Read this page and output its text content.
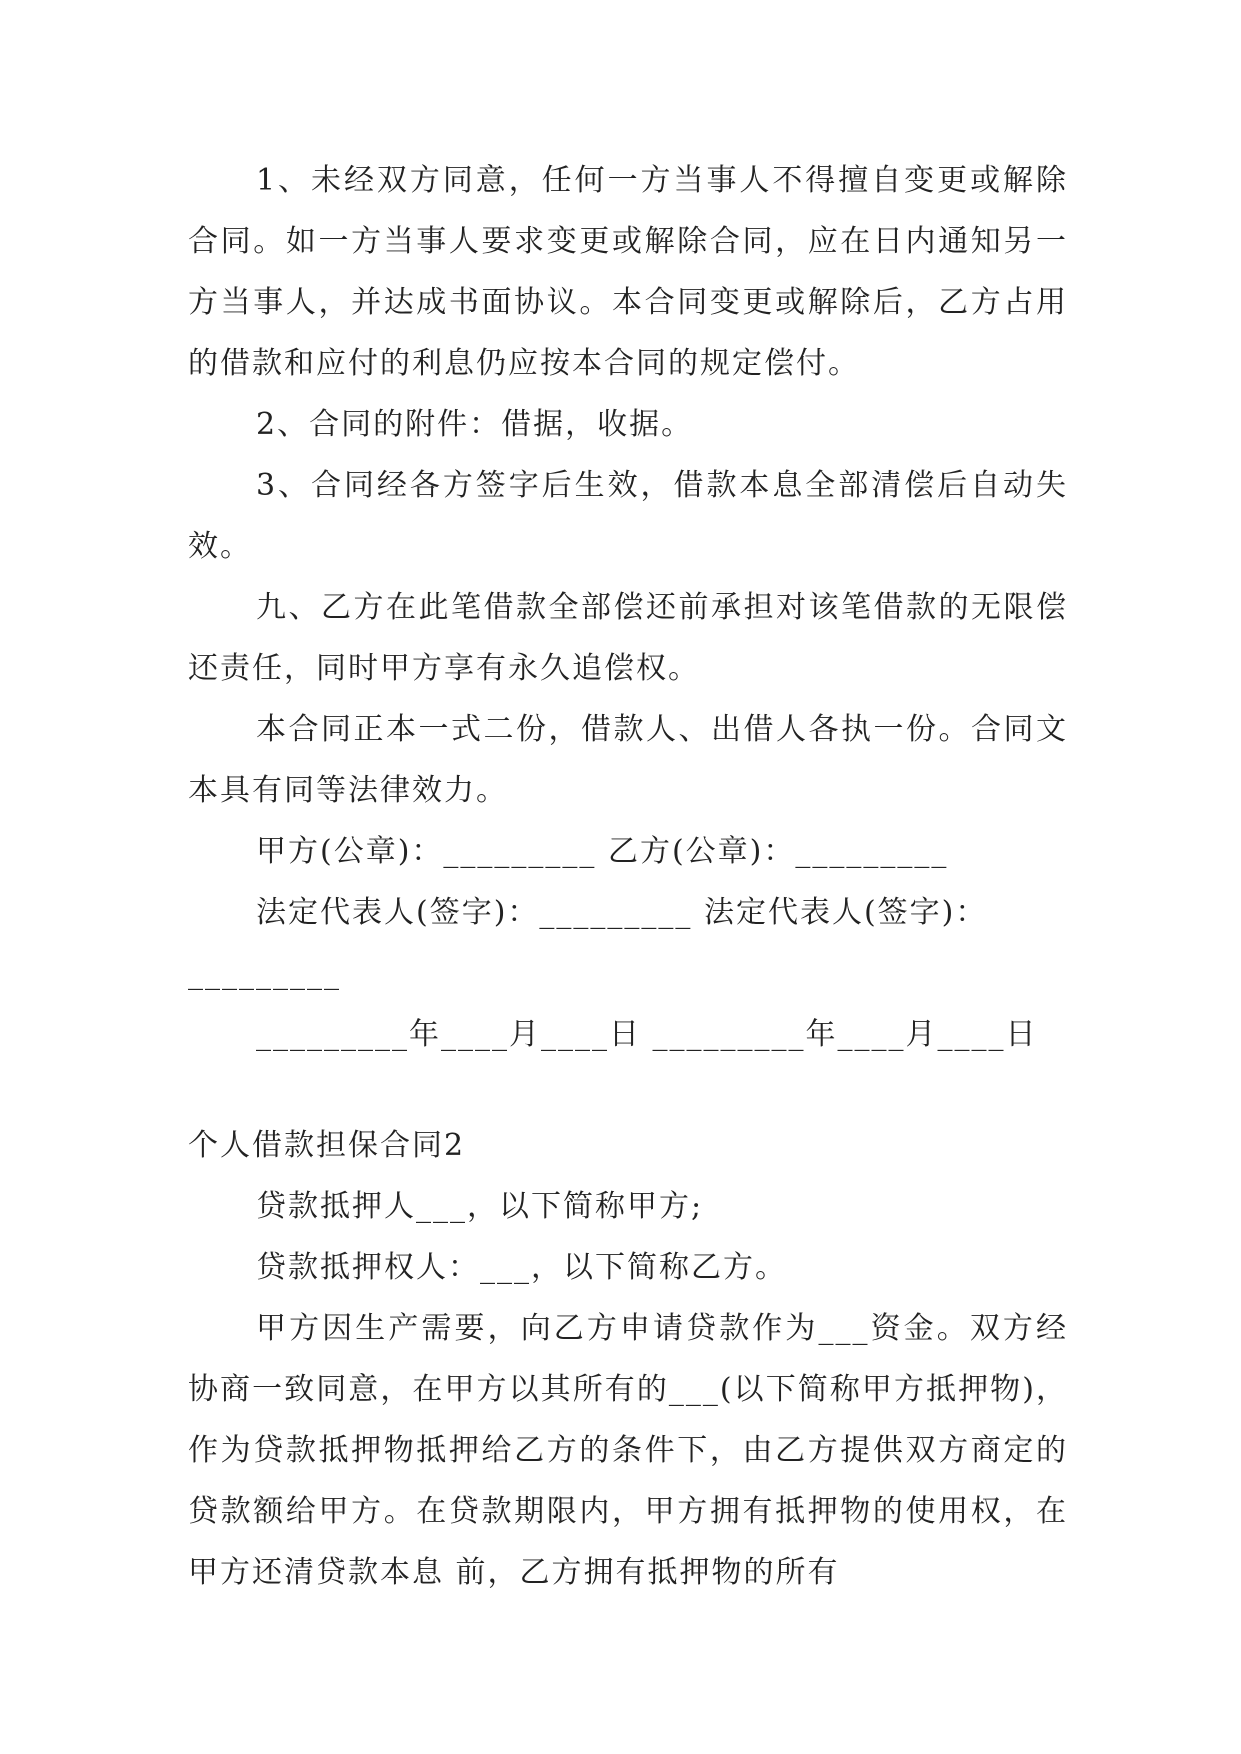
1、未经双方同意，任何一方当事人不得擅自变更或解除合同。如一方当事人要求变更或解除合同，应在日内通知另一方当事人，并达成书面协议。本合同变更或解除后，乙方占用的借款和应付的利息仍应按本合同的规定偿付。

2、合同的附件：借据，收据。

3、合同经各方签字后生效，借款本息全部清偿后自动失效。

九、乙方在此笔借款全部偿还前承担对该笔借款的无限偿还责任，同时甲方享有永久追偿权。

本合同正本一式二份，借款人、出借人各执一份。合同文本具有同等法律效力。

甲方(公章)：_________ 乙方(公章)：_________

法定代表人(签字)：_________ 法定代表人(签字)：

_________

_________年____月____日 _________年____月____日

个人借款担保合同2

贷款抵押人___，以下简称甲方;

贷款抵押权人：___，以下简称乙方。

甲方因生产需要，向乙方申请贷款作为___资金。双方经协商一致同意，在甲方以其所有的___(以下简称甲方抵押物)，作为贷款抵押物抵押给乙方的条件下，由乙方提供双方商定的贷款额给甲方。在贷款期限内，甲方拥有抵押物的使用权，在甲方还清贷款本息 前，乙方拥有抵押物的所有
